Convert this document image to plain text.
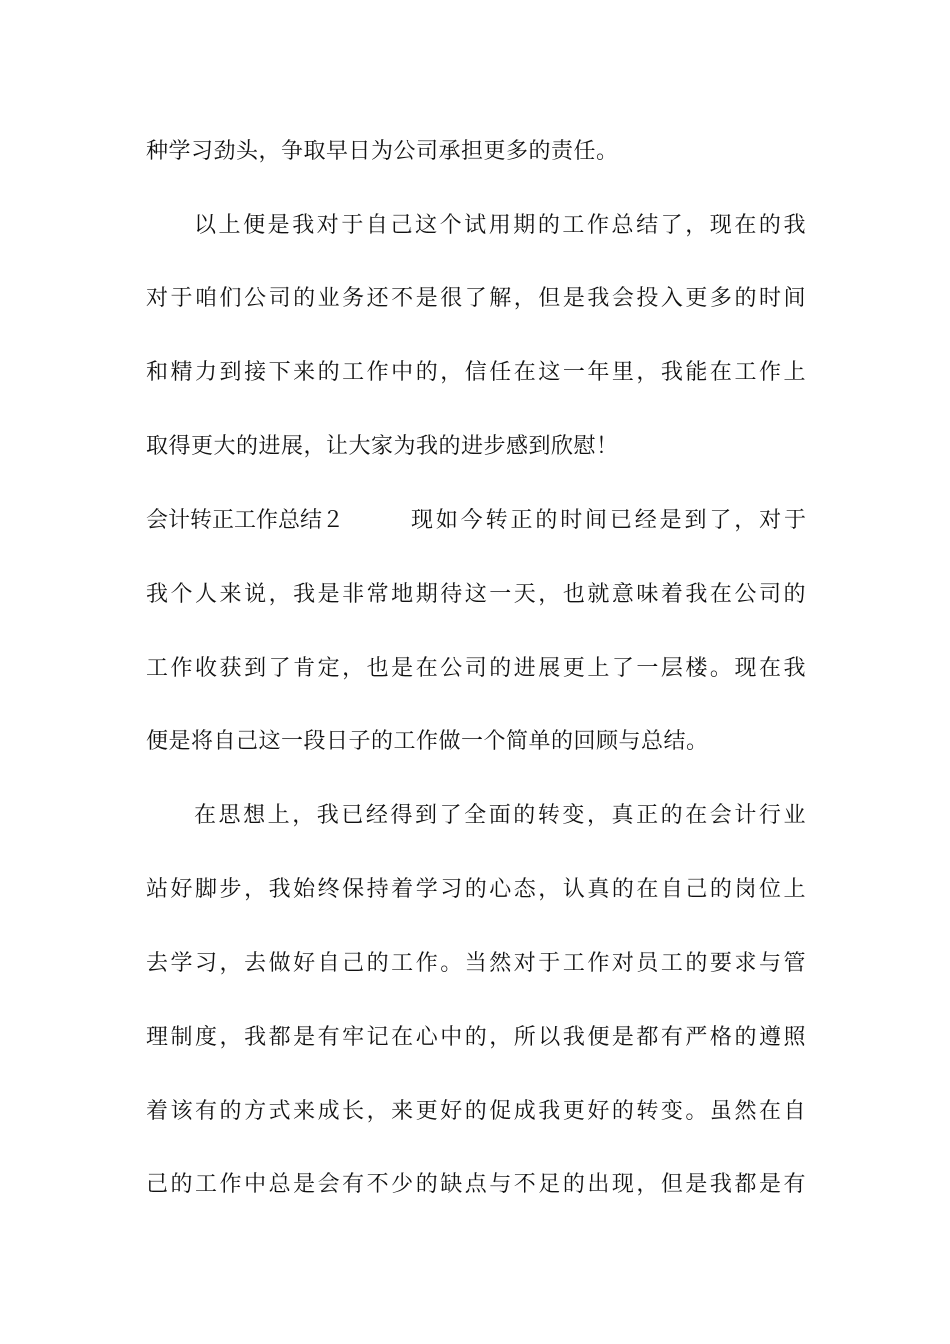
种学习劲头，争取早日为公司承担更多的责任。
以上便是我对于自己这个试用期的工作总结了，现在的我
对于咱们公司的业务还不是很了解，但是我会投入更多的时间
和精力到接下来的工作中的，信任在这一年里，我能在工作上
取得更大的进展，让大家为我的进步感到欣慰！
会计转正工作总结２	现如今转正的时间已经是到了，对于
我个人来说，我是非常地期待这一天，也就意味着我在公司的
工作收获到了肯定，也是在公司的进展更上了一层楼。现在我
便是将自己这一段日子的工作做一个简单的回顾与总结。
在思想上，我已经得到了全面的转变，真正的在会计行业
站好脚步，我始终保持着学习的心态，认真的在自己的岗位上
去学习，去做好自己的工作。当然对于工作对员工的要求与管
理制度，我都是有牢记在心中的，所以我便是都有严格的遵照
着该有的方式来成长，来更好的促成我更好的转变。虽然在自
己的工作中总是会有不少的缺点与不足的出现，但是我都是有
